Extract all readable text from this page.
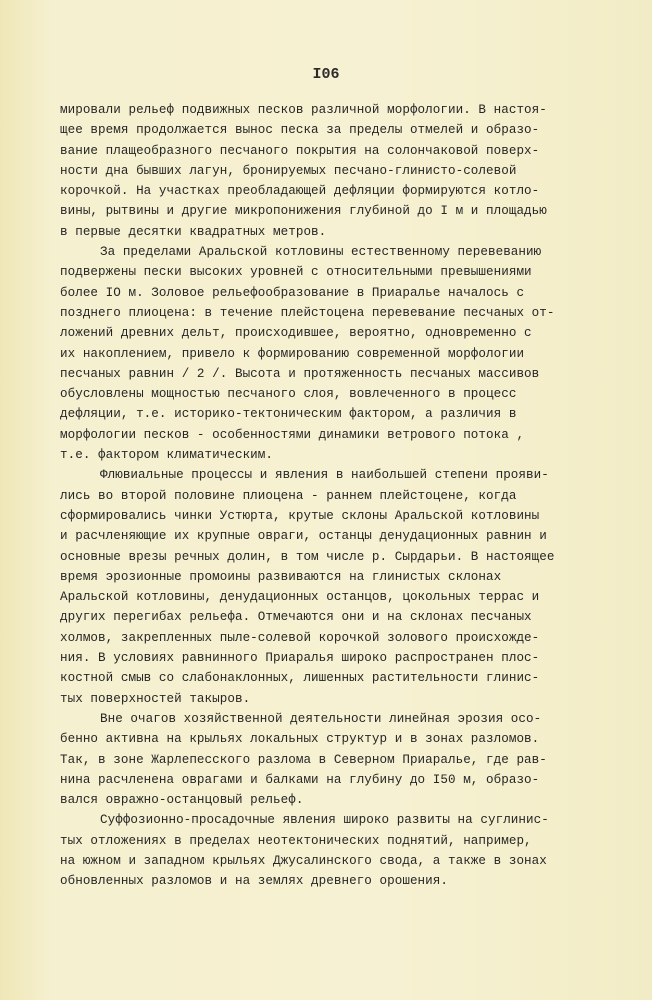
I06
мировали рельеф подвижных песков различной морфологии. В настоя-
щее время продолжается вынос песка за пределы отмелей и образо-
вание плащеобразного песчаного покрытия на солончаковой поверх-
ности дна бывших лагун, бронируемых песчано-глинисто-солевой
корочкой. На участках преобладающей дефляции формируются котло-
вины, рытвины и другие микропонижения глубиной до I м и площадью
в первые десятки квадратных метров.
За пределами Аральской котловины естественному перевеванию
подвержены пески высоких уровней с относительными превышениями
более IO м. Золовое рельефообразование в Приаралье началось с
позднего плиоцена: в течение плейстоцена перевевание песчаных от-
ложений древних дельт, происходившее, вероятно, одновременно с
их накоплением, привело к формированию современной морфологии
песчаных равнин / 2 /. Высота и протяженность песчаных массивов
обусловлены мощностью песчаного слоя, вовлеченного в процесс
дефляции, т.е. историко-тектоническим фактором, а различия в
морфологии песков - особенностями динамики ветрового потока ,
т.е. фактором климатическим.
Флювиальные процессы и явления в наибольшей степени прояви-
лись во второй половине плиоцена - раннем плейстоцене, когда
сформировались чинки Устюрта, крутые склоны Аральской котловины
и расчленяющие их крупные овраги, останцы денудационных равнин и
основные врезы речных долин, в том числе р. Сырдарьи. В настоящее
время эрозионные промоины развиваются на глинистых склонах
Аральской котловины, денудационных останцов, цокольных террас и
других перегибах рельефа. Отмечаются они и на склонах песчаных
холмов, закрепленных пыле-солевой корочкой золового происхожде-
ния. В условиях равнинного Приаралья широко распространен плос-
костной смыв со слабонаклонных, лишенных растительности глинис-
тых поверхностей такыров.
Вне очагов хозяйственной деятельности линейная эрозия осо-
бенно активна на крыльях локальных структур и в зонах разломов.
Так, в зоне Жарлепесского разлома в Северном Приаралье, где рав-
нина расчленена оврагами и балками на глубину до I50 м, образо-
вался овражно-останцовый рельеф.
Суффозионно-просадочные явления широко развиты на суглинис-
тых отложениях в пределах неотектонических поднятий, например,
на южном и западном крыльях Джусалинского свода, а также в зонах
обновленных разломов и на землях древнего орошения.
